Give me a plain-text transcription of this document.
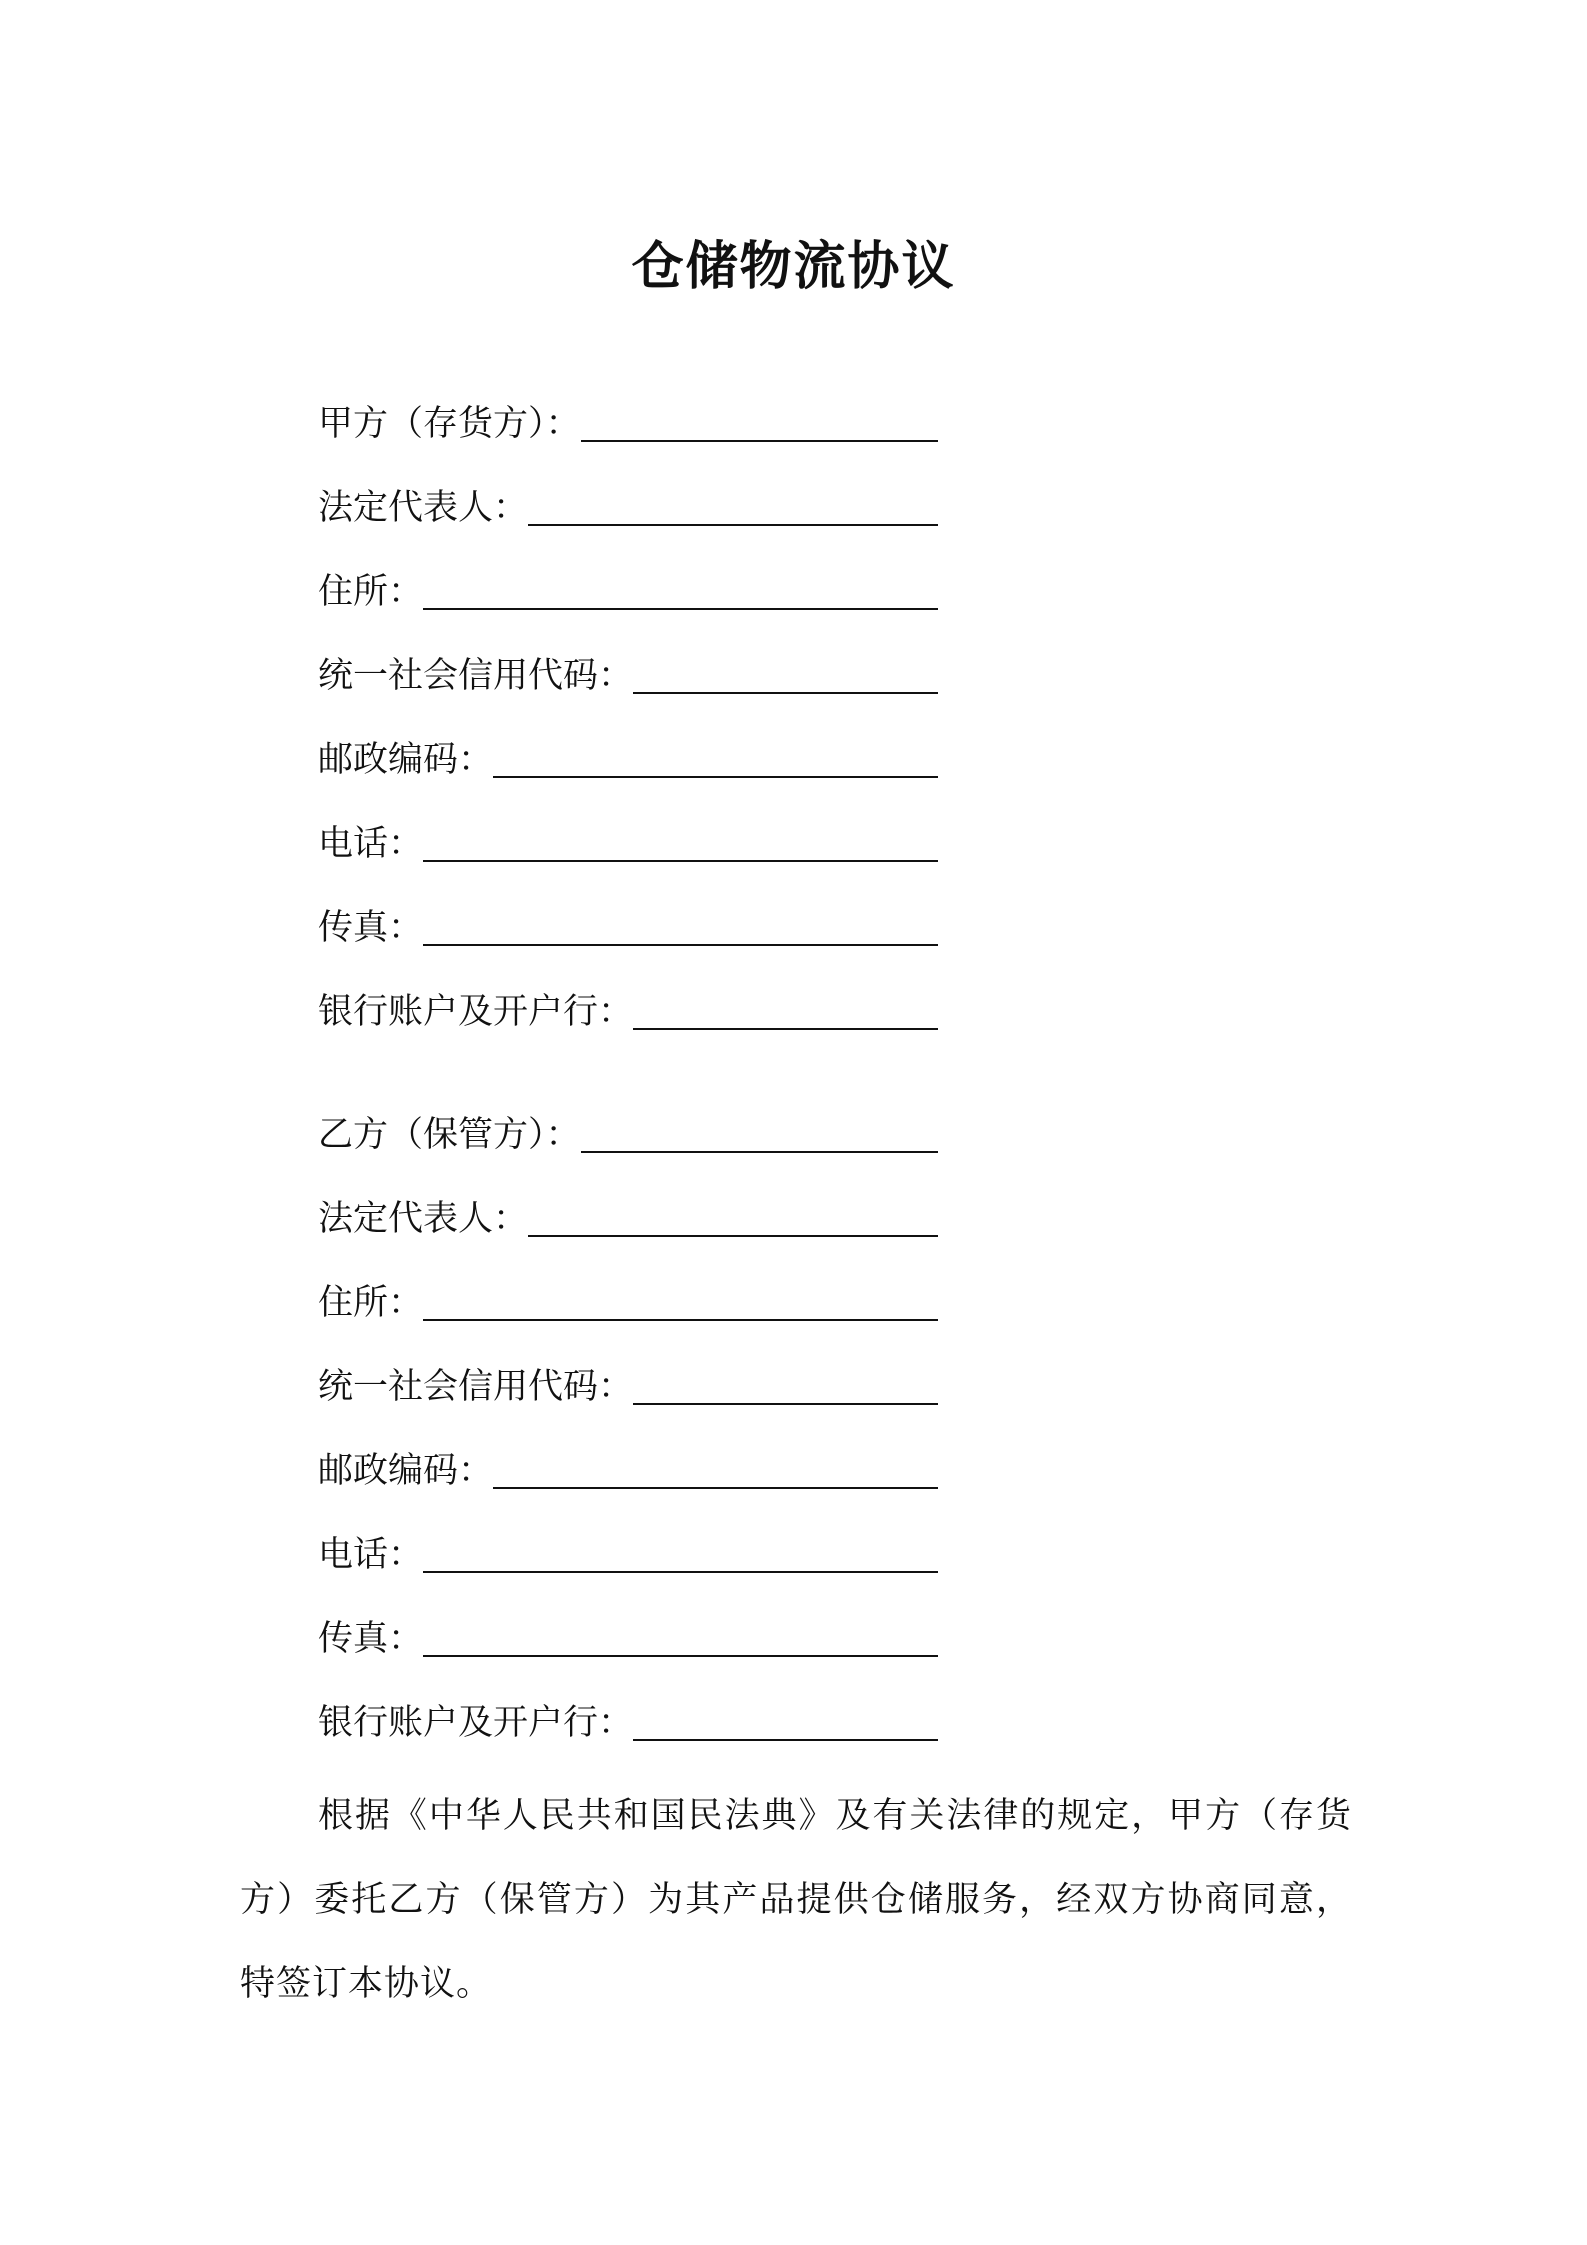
仓储物流协议
甲方（存货方）：
法定代表人：
住所：
统一社会信用代码：
邮政编码：
电话：
传真：
银行账户及开户行：
乙方（保管方）：
法定代表人：
住所：
统一社会信用代码：
邮政编码：
电话：
传真：
银行账户及开户行：

根据《中华人民共和国民法典》及有关法律的规定，甲方（存货方）委托乙方（保管方）为其产品提供仓储服务，经双方协商同意，特签订本协议。
